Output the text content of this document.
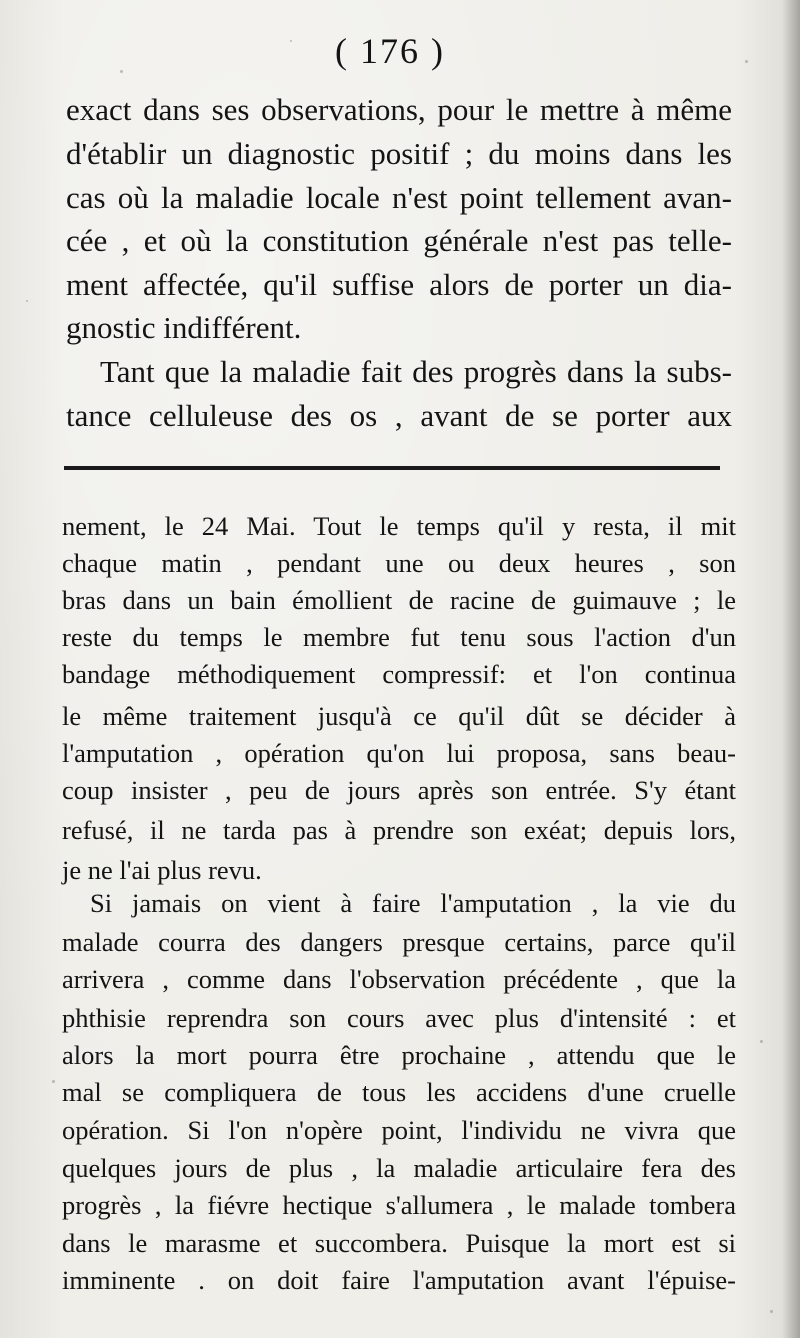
( 176 )
exact dans ses observations, pour le mettre à même
d'établir un diagnostic positif ; du moins dans les
cas où la maladie locale n'est point tellement avan-
cée , et où la constitution générale n'est pas telle-
ment affectée, qu'il suffise alors de porter un dia-
gnostic indifférent.
Tant que la maladie fait des progrès dans la subs-
tance celluleuse des os , avant de se porter aux
nement, le 24 Mai. Tout le temps qu'il y resta, il mit
chaque matin , pendant une ou deux heures , son
bras dans un bain émollient de racine de guimauve ; le
reste du temps le membre fut tenu sous l'action d'un
bandage méthodiquement compressif: et l'on continua
le même traitement jusqu'à ce qu'il dût se décider à
l'amputation , opération qu'on lui proposa, sans beau-
coup insister , peu de jours après son entrée. S'y étant
refusé, il ne tarda pas à prendre son exéat; depuis lors,
je ne l'ai plus revu.
Si jamais on vient à faire l'amputation , la vie du
malade courra des dangers presque certains, parce qu'il
arrivera , comme dans l'observation précédente , que la
phthisie reprendra son cours avec plus d'intensité : et
alors la mort pourra être prochaine , attendu que le
mal se compliquera de tous les accidens d'une cruelle
opération. Si l'on n'opère point, l'individu ne vivra que
quelques jours de plus , la maladie articulaire fera des
progrès , la fiévre hectique s'allumera , le malade tombera
dans le marasme et succombera. Puisque la mort est si
imminente . on doit faire l'amputation avant l'épuise-
